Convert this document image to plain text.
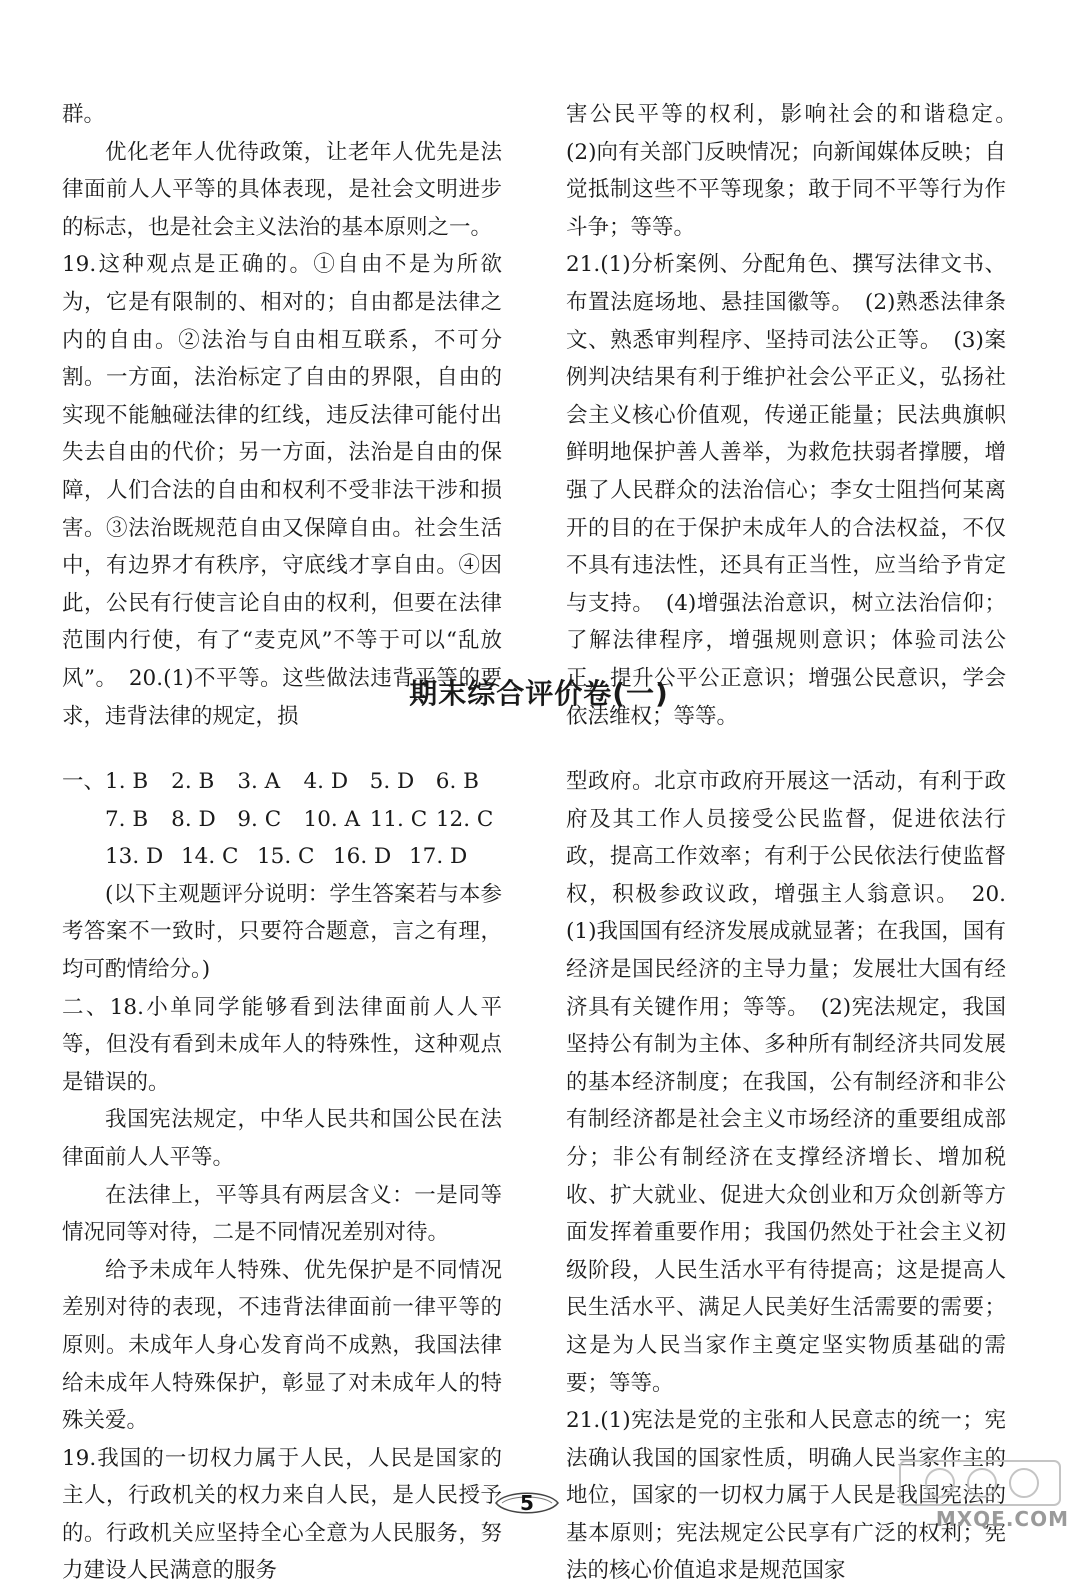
群。

优化老年人优待政策，让老年人优先是法律面前人人平等的具体表现，是社会文明进步的标志，也是社会主义法治的基本原则之一。

19.这种观点是正确的。①自由不是为所欲为，它是有限制的、相对的；自由都是法律之内的自由。②法治与自由相互联系，不可分割。一方面，法治标定了自由的界限，自由的实现不能触碰法律的红线，违反法律可能付出失去自由的代价；另一方面，法治是自由的保障，人们合法的自由和权利不受非法干涉和损害。③法治既规范自由又保障自由。社会生活中，有边界才有秩序，守底线才享自由。④因此，公民有行使言论自由的权利，但要在法律范围内行使，有了“麦克风”不等于可以“乱放风”。　20.(1)不平等。这些做法违背平等的要求，违背法律的规定，损

害公民平等的权利，影响社会的和谐稳定。　(2)向有关部门反映情况；向新闻媒体反映；自觉抵制这些不平等现象；敢于同不平等行为作斗争；等等。

21.(1)分析案例、分配角色、撰写法律文书、布置法庭场地、悬挂国徽等。　(2)熟悉法律条文、熟悉审判程序、坚持司法公正等。　(3)案例判决结果有利于维护社会公平正义，弘扬社会主义核心价值观，传递正能量；民法典旗帜鲜明地保护善人善举，为救危扶弱者撑腰，增强了人民群众的法治信心；李女士阻挡何某离开的目的在于保护未成年人的合法权益，不仅不具有违法性，还具有正当性，应当给予肯定与支持。　(4)增强法治意识，树立法治信仰；了解法律程序，增强规则意识；体验司法公正，提升公平公正意识；增强公民意识，学会依法维权；等等。

期末综合评价卷(一)
一、 1. B	2. B	3. A	4. D	5. D	6. B
7. B	8. D	9. C	10. A 11. C 12. C
13. D 14. C 15. C 16. D 17. D

(以下主观题评分说明：学生答案若与本参考答案不一致时，只要符合题意，言之有理，均可酌情给分。)

二、18.小单同学能够看到法律面前人人平等，但没有看到未成年人的特殊性，这种观点是错误的。

我国宪法规定，中华人民共和国公民在法律面前人人平等。

在法律上，平等具有两层含义：一是同等情况同等对待，二是不同情况差别对待。

给予未成年人特殊、优先保护是不同情况差别对待的表现，不违背法律面前一律平等的原则。未成年人身心发育尚不成熟，我国法律给未成年人特殊保护，彰显了对未成年人的特殊关爱。

19.我国的一切权力属于人民，人民是国家的主人，行政机关的权力来自人民，是人民授予的。行政机关应坚持全心全意为人民服务，努力建设人民满意的服务

型政府。北京市政府开展这一活动，有利于政府及其工作人员接受公民监督，促进依法行政，提高工作效率；有利于公民依法行使监督权，积极参政议政，增强主人翁意识。　20.(1)我国国有经济发展成就显著；在我国，国有经济是国民经济的主导力量；发展壮大国有经济具有关键作用；等等。　(2)宪法规定，我国坚持公有制为主体、多种所有制经济共同发展的基本经济制度；在我国，公有制经济和非公有制经济都是社会主义市场经济的重要组成部分；非公有制经济在支撑经济增长、增加税收、扩大就业、促进大众创业和万众创新等方面发挥着重要作用；我国仍然处于社会主义初级阶段，人民生活水平有待提高；这是提高人民生活水平、满足人民美好生活需要的需要；这是为人民当家作主奠定坚实物质基础的需要；等等。

21.(1)宪法是党的主张和人民意志的统一；宪法确认我国的国家性质，明确人民当家作主的地位，国家的一切权力属于人民是我国宪法的基本原则；宪法规定公民享有广泛的权利；宪法的核心价值追求是规范国家

5
MXQE.COM
